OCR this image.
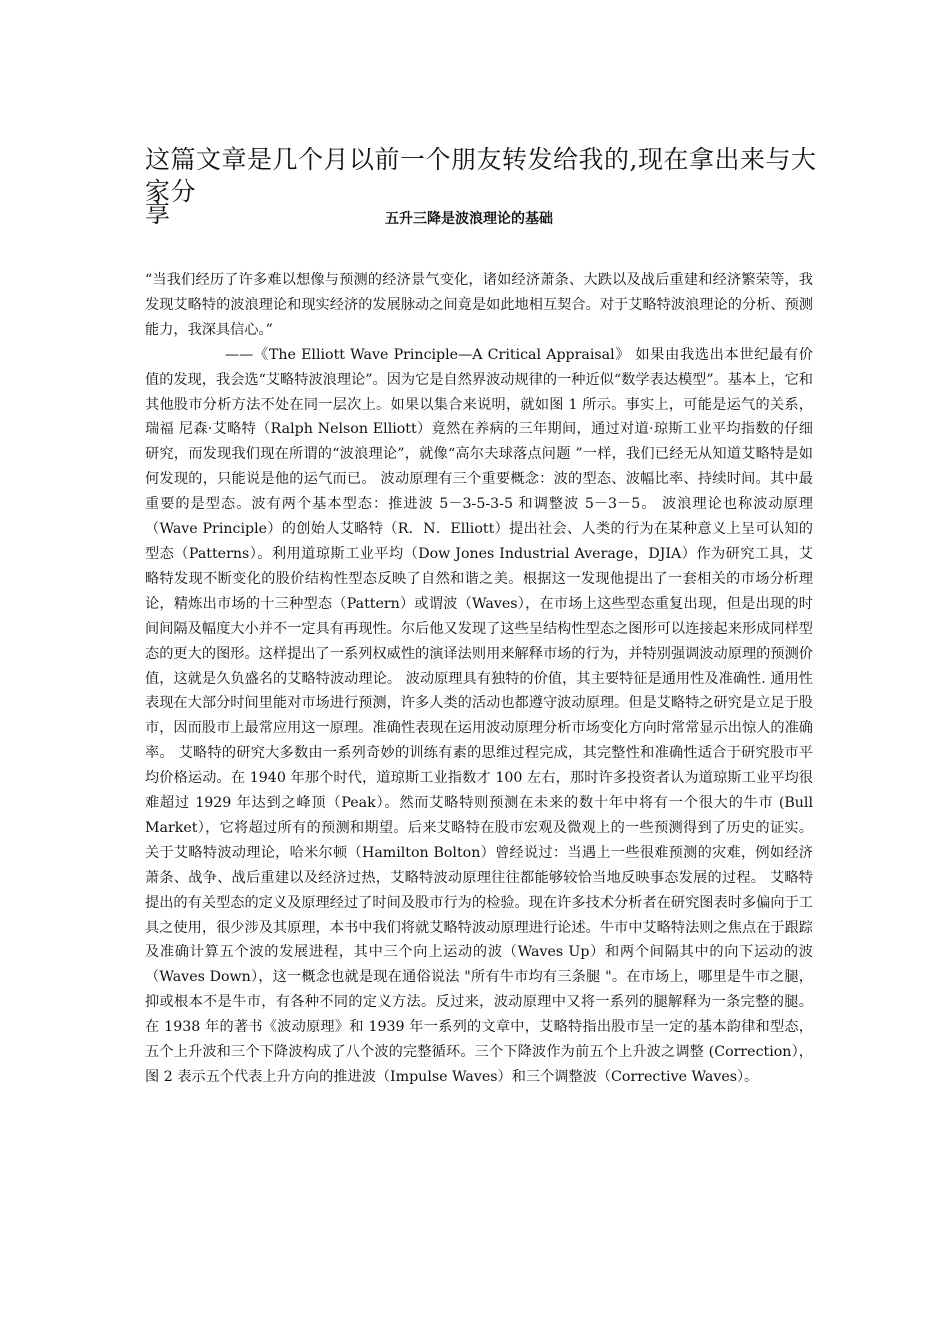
这篇文章是几个月以前一个朋友转发给我的,现在拿出来与大家分
享	五升三降是波浪理论的基础

“当我们经历了许多难以想像与预测的经济景气变化，诸如经济萧条、大跌以及战后重建和经济繁荣等，我发现艾略特的波浪理论和现实经济的发展脉动之间竟是如此地相互契合。对于艾略特波浪理论的分析、预测能力，我深具信心。”

——《The Elliott Wave Principle—A Critical Appraisal》 如果由我选出本世纪最有价值的发现，我会选“艾略特波浪理论”。因为它是自然界波动规律的一种近似“数学表达模型”。基本上，它和其他股市分析方法不处在同一层次上。如果以集合来说明，就如图 1 所示。事实上，可能是运气的关系，瑞福 尼森·艾略特（Ralph Nelson Elliott）竟然在养病的三年期间，通过对道·琼斯工业平均指数的仔细研究，而发现我们现在所谓的“波浪理论”，就像“高尔夫球落点问题 ”一样，我们已经无从知道艾略特是如何发现的，只能说是他的运气而已。 波动原理有三个重要概念：波的型态、波幅比率、持续时间。其中最重要的是型态。波有两个基本型态：推进波 5－3-5-3-5 和调整波 5－3－5。 波浪理论也称波动原理（Wave Principle）的创始人艾略特（R．N．Elliott）提出社会、人类的行为在某种意义上呈可认知的型态（Patterns）。利用道琼斯工业平均（Dow Jones Industrial Average，DJIA）作为研究工具，艾略特发现不断变化的股价结构性型态反映了自然和谐之美。根据这一发现他提出了一套相关的市场分析理论，精炼出市场的十三种型态（Pattern）或谓波（Waves），在市场上这些型态重复出现，但是出现的时间间隔及幅度大小并不一定具有再现性。尔后他又发现了这些呈结构性型态之图形可以连接起来形成同样型态的更大的图形。这样提出了一系列权威性的演译法则用来解释市场的行为，并特别强调波动原理的预测价值，这就是久负盛名的艾略特波动理论。 波动原理具有独特的价值，其主要特征是通用性及准确性. 通用性表现在大部分时间里能对市场进行预测，许多人类的活动也都遵守波动原理。但是艾略特之研究是立足于股市，因而股市上最常应用这一原理。准确性表现在运用波动原理分析市场变化方向时常常显示出惊人的准确率。 艾略特的研究大多数由一系列奇妙的训练有素的思维过程完成，其完整性和准确性适合于研究股市平均价格运动。在 1940 年那个时代，道琼斯工业指数才 100 左右，那时许多投资者认为道琼斯工业平均很难超过 1929 年达到之峰顶（Peak）。然而艾略特则预测在未来的数十年中将有一个很大的牛市 (Bull Market），它将超过所有的预测和期望。后来艾略特在股市宏观及微观上的一些预测得到了历史的证实。 关于艾略特波动理论，哈米尔顿（Hamilton Bolton）曾经说过：当遇上一些很难预测的灾难，例如经济萧条、战争、战后重建以及经济过热，艾略特波动原理往往都能够较恰当地反映事态发展的过程。 艾略特提出的有关型态的定义及原理经过了时间及股市行为的检验。现在许多技术分析者在研究图表时多偏向于工具之使用，很少涉及其原理，本书中我们将就艾略特波动原理进行论述。牛市中艾略特法则之焦点在于跟踪及准确计算五个波的发展进程，其中三个向上运动的波（Waves Up）和两个间隔其中的向下运动的波（Waves Down），这一概念也就是现在通俗说法 "所有牛市均有三条腿 "。在市场上，哪里是牛市之腿，抑或根本不是牛市，有各种不同的定义方法。反过来，波动原理中又将一系列的腿解释为一条完整的腿。 在 1938 年的著书《波动原理》和 1939 年一系列的文章中，艾略特指出股市呈一定的基本韵律和型态， 五个上升波和三个下降波构成了八个波的完整循环。三个下降波作为前五个上升波之调整 (Correction），图 2 表示五个代表上升方向的推进波（Impulse Waves）和三个调整波（Corrective Waves）。
